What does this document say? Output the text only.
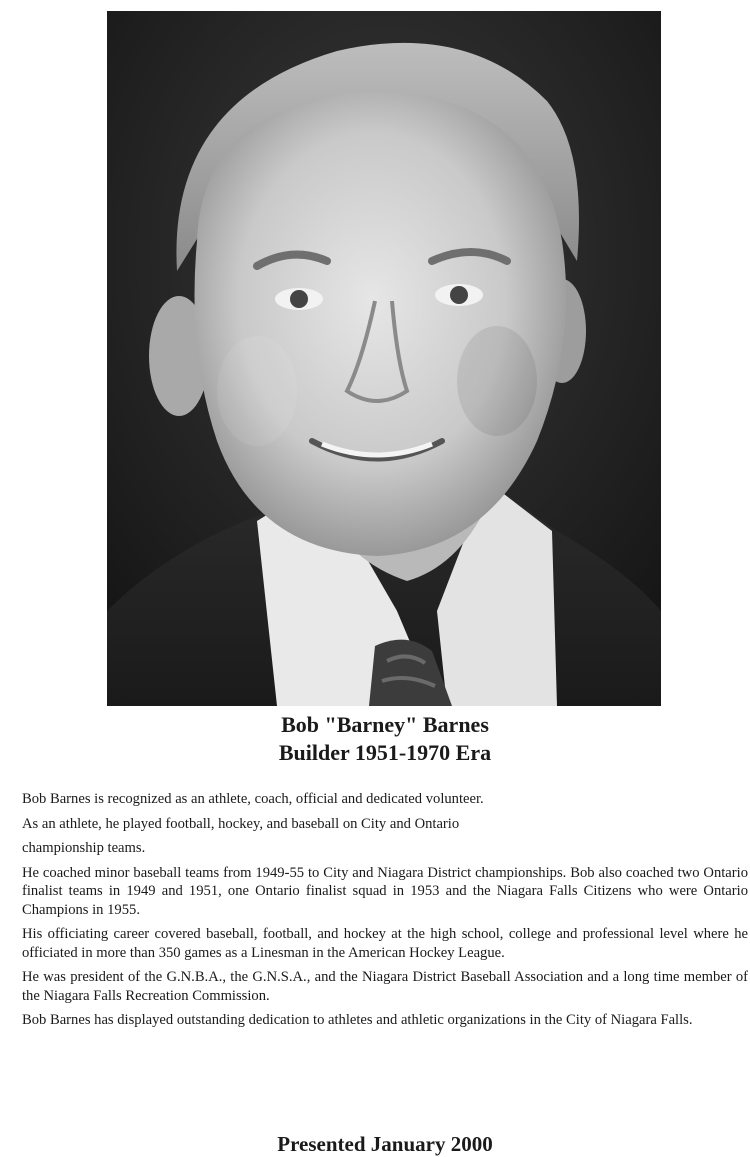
Bob "Barney" Barnes
Builder 1951-1970 Era

Bob Barnes is recognized as an athlete, coach, official and dedicated volunteer.

As an athlete, he played football, hockey, and baseball on City and Ontario

championship teams.

He coached minor baseball teams from 1949-55 to City and Niagara District championships. Bob also coached two Ontario finalist teams in 1949 and 1951, one Ontario finalist squad in 1953 and the Niagara Falls Citizens who were Ontario Champions in 1955.

His officiating career covered baseball, football, and hockey at the high school, college and professional level where he officiated in more than 350 games as a Linesman in the American Hockey League.

He was president of the G.N.B.A., the G.N.S.A., and the Niagara District Baseball Association and a long time member of the Niagara Falls Recreation Commission.

Bob Barnes has displayed outstanding dedication to athletes and athletic organizations in the City of Niagara Falls.

Presented January 2000
